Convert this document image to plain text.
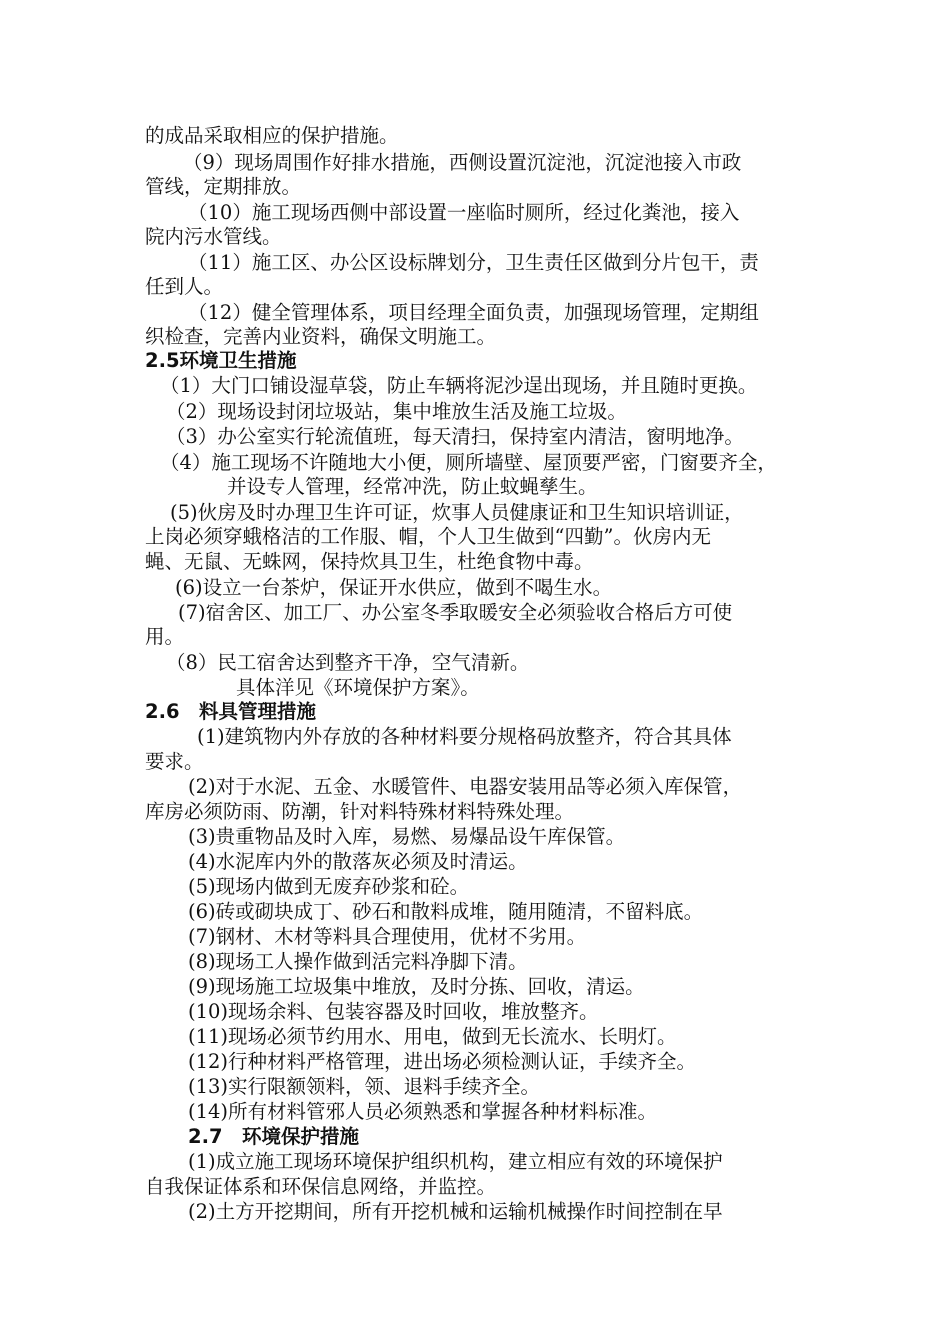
的成品采取相应的保护措施。
（9）现场周围作好排水措施，西侧设置沉淀池，沉淀池接入市政
管线，定期排放。
（10）施工现场西侧中部设置一座临时厕所，经过化粪池，接入
院内污水管线。
（11）施工区、办公区设标牌划分，卫生责任区做到分片包干，责
任到人。
（12）健全管理体系，项目经理全面负责，加强现场管理，定期组
织检查，完善内业资料，确保文明施工。
2.5环境卫生措施
（1）大门口铺设湿草袋，防止车辆将泥沙逞出现场，并且随时更换。
（2）现场设封闭垃圾站，集中堆放生活及施工垃圾。
（3）办公室实行轮流值班，每天清扫，保持室内清洁，窗明地净。
（4）施工现场不许随地大小便，厕所墙壁、屋顶要严密，门窗要齐全，
并设专人管理，经常冲洗，防止蚊蝇孳生。
(5)伙房及时办理卫生许可证，炊事人员健康证和卫生知识培训证，
上岗必须穿蛾格洁的工作服、帽，个人卫生做到“四勤”。伙房内无
蝇、无鼠、无蛛网，保持炊具卫生，杜绝食物中毒。
(6)设立一台茶炉，保证开水供应，做到不喝生水。
(7)宿舍区、加工厂、办公室冬季取暖安全必须验收合格后方可使
用。
（8）民工宿舍达到整齐干净，空气清新。
具体洋见《环境保护方案》。
2.6　料具管理措施
(1)建筑物内外存放的各种材料要分规格码放整齐，符合其具体
要求。
(2)对于水泥、五金、水暖管件、电器安装用品等必须入库保管，
库房必须防雨、防潮，针对料特殊材料特殊处理。
(3)贵重物品及时入库，易燃、易爆品设午库保管。
(4)水泥库内外的散落灰必须及时清运。
(5)现场内做到无废弃砂浆和砼。
(6)砖或砌块成丁、砂石和散料成堆，随用随清，不留料底。
(7)钢材、木材等料具合理使用，优材不劣用。
(8)现场工人操作做到活完料净脚下清。
(9)现场施工垃圾集中堆放，及时分拣、回收，清运。
(10)现场余料、包装容器及时回收，堆放整齐。
(11)现场必须节约用水、用电，做到无长流水、长明灯。
(12)行种材料严格管理，进出场必须检测认证，手续齐全。
(13)实行限额领料，领、退料手续齐全。
(14)所有材料管邪人员必须熟悉和掌握各种材料标准。
2.7　环境保护措施
(1)成立施工现场环境保护组织机构，建立相应有效的环境保护
自我保证体系和环保信息网络，并监控。
(2)土方开挖期间，所有开挖机械和运输机械操作时间控制在早
